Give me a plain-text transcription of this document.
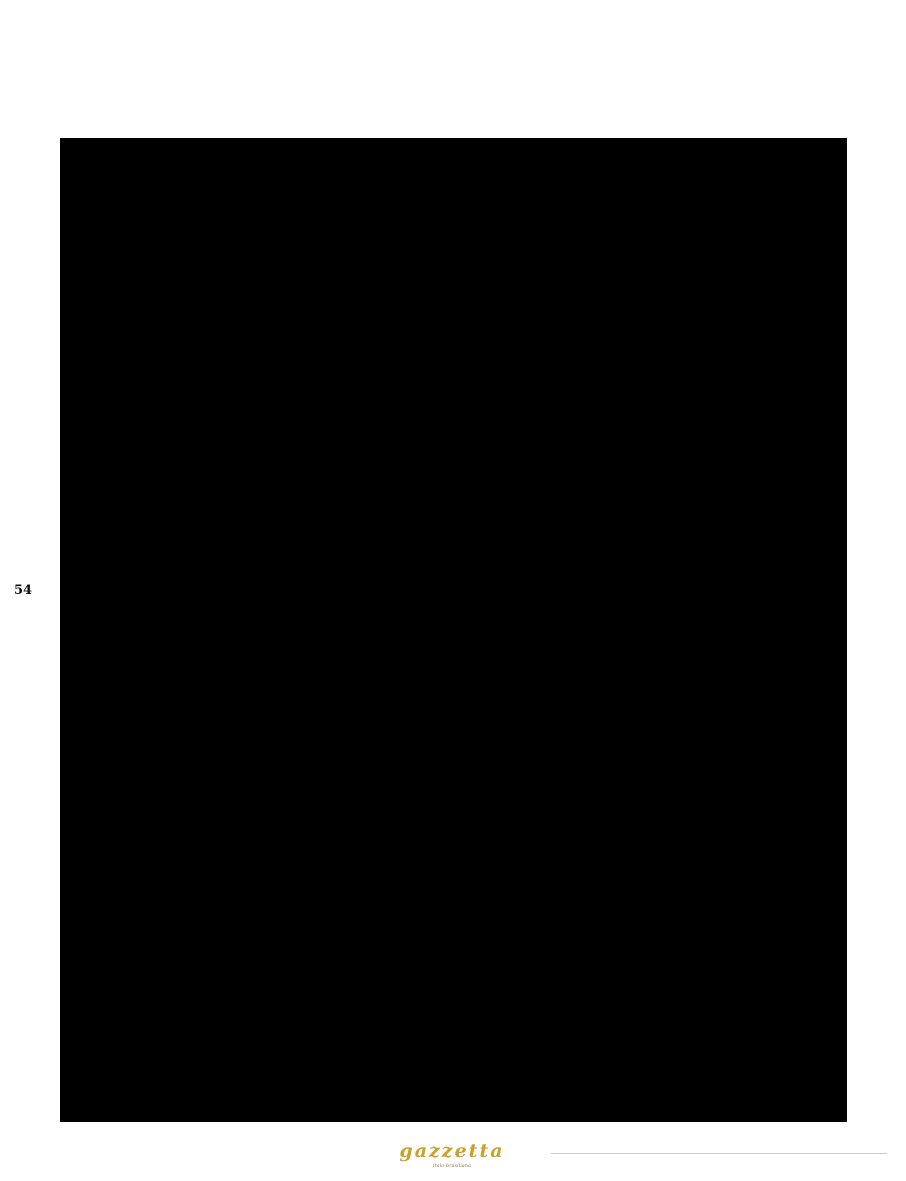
54

ticolo 32 paragrafo 2 della Convenzione di Vienna. La logica della rinuncia da parte dello Stato di invio o, in ogni modo, mediante l'espressa autorizzazione di esso, da un lato, si poggia sulla ragione che il fine inerente i privilegi e le immunità non è quello di favorire i soggetti ovvero gli individui, ma di garantire l'efficace svolgimento delle funzioni delle missioni diplomatiche in quanto rappresentanti gli Stati, e dall'altro, che il beneficiario dei privilegi e dell'immunità non può rinunciare ad un diritto di cui non è titolare. Se la rinuncia concerne il Capo missione – in tal caso l'ambasciatore italiano accreditato presso lo Stato indiano – dovrà provvedervi il Ministero degli Esteri; in tutti gli altri casi è possibile considerare che la rinuncia possa essere effettuata dall'ambasciatore, sebbene rappresentante del governo ed ex officio a ciò delegato dallo stesso Dicastero degli Esteri che lo ha inviato in India. Si è detto che la rinuncia deve essere sempre espressa, nel senso che non può presumersi che possa essere data sotto forma tacita per la ragione che tale possibilità non è stata accolta durante la conferenza di Vienna. In sostanza, si dispone che la rinuncia all'immunità diplomatica deve emanare dallo Stato d'invio ed essere sempre in forma espressa. È importante sottolineare che l'ordine partito dall'Alta Corte di revocare l'immunità all'ambasciatore italiano è fortemente in contrasto con la norma de quo, inserita nella Convenzione di Vienna del 1961, giacché avrebbe ricollegato al mero comportamento del diplomatico italiano il valore di una rinuncia implicita alla stessa immunità diplomatica. In sostanza, la rinuncia dell'agente diplomatico deve essere espressamente autorizzata dal proprio governo.

In aggiunta, in base all'articolo 32 paragrafo 3 della Convenzione di Vienna del 1961, l'immunità non può essere invocata da un agente diplomatico nel momento in cui la domanda riconvenzionale sia connessa con la domanda principale. Per rendere tale eccezione all'applicabile immunità diplomatica in questo caso, qualsiasi potenziale sprezzo di ricorso giurisdizionale contro l'ambasciatore italiano dovrà essere visto come riconvenzionale nella dichiarazione scritta depositata sul comportamento dei due Fucilieri della Marina militare italiana. Pertanto, la legge inerente l'oltraggio alla Corte non consente tale lettura.

L'articolo 129 della carta costituzionale indiana

autorizza l'Alta Corte a punire per offesa alla stessa istituzione giudiziaria. È stato asserito che questa disposizione costituzionale deve prevalere sull'immunità diplomatica, come viene enunciato nella sezione n.°2 della legge sulle relazioni diplomatiche che rammenta l'effetto prevalente della Convenzione di Vienna su ogni altra norma che escluda la costituzione indiana. Nel frattempo che l'Alta Corte indiana è ancora al lavoro per dare dei chiarimenti in merito al problema poc'anzi evidenziato, gli Stati Uniti d'America l'hanno già affrontato e data la risoluzione. In una causa in cui l'aiuto domestico di un agente diplomatico del Bangladesh ha cercato di far valere un proprio diritto contro la schiavitù, attenendosi al XIII emendamento, la Corte distrettuale di New York, nella causa Ashik Ahmed vs. AHM Sadiqul Hoque ha seguito quanto è stato determinato dalla Corte Suprema statunitense nel ritenere che il reclamo ovvero il ricorso costituzionale non ha alcuna prevalenza sulla norma internazionalmente riconosciuta come l'immunità diplomatica. La Corte distrettuale statunitense ha ritenuto che era divenuta dottrina non solo mercé un decreto del Congresso, ma dagli obblighi contenuti nel Trattato internazionale, accolto dal potere esecutivo con l'assenso del Congresso.

Non si dimentichi che l'India è stata firmataria della Convenzione di Vienna sulle relazioni diplomatiche del 1961 attraverso i poteri che le vengono indicati nella Costituzione, che ha, successivamente, accolto nel proprio ordinamento interno, secondo la procedura prevista dalla loro Costituzione.

Ovviamente, i comportamenti delle autorità italiane hanno dimostrato una ferma volontà di indifferenza assoluta davanti agli occhi dell'Alta Corte indiana e sono stati considerati una vera e propria violazione della buona fede e del protocollo diplomatico. Tuttavia, nulla di tutto ciò dà, sia al Governo che all'Alta Corte dell'India, la possibilità di ricorrere o, meglio, di adottare provvedimenti di restrizione al Capo missione italiano. Questa vicenda va risolta direttamente a livello politico. Si può aggiungere che le autorità indiane abbiano posto in pericolo l'Istituto della immunità diplomatica, facendo prevalere il loro ordinamento interno su quello internazionale.

In base alle ultime notizie, le autorità indiane hanno revocato l'ordine all'ambasciatore Daniele Mancini di lasciare il suolo indiano e gli hanno restituito la libertà di movimento e l'immunità diplomatica.

gazzetta
italo-brasiliana
